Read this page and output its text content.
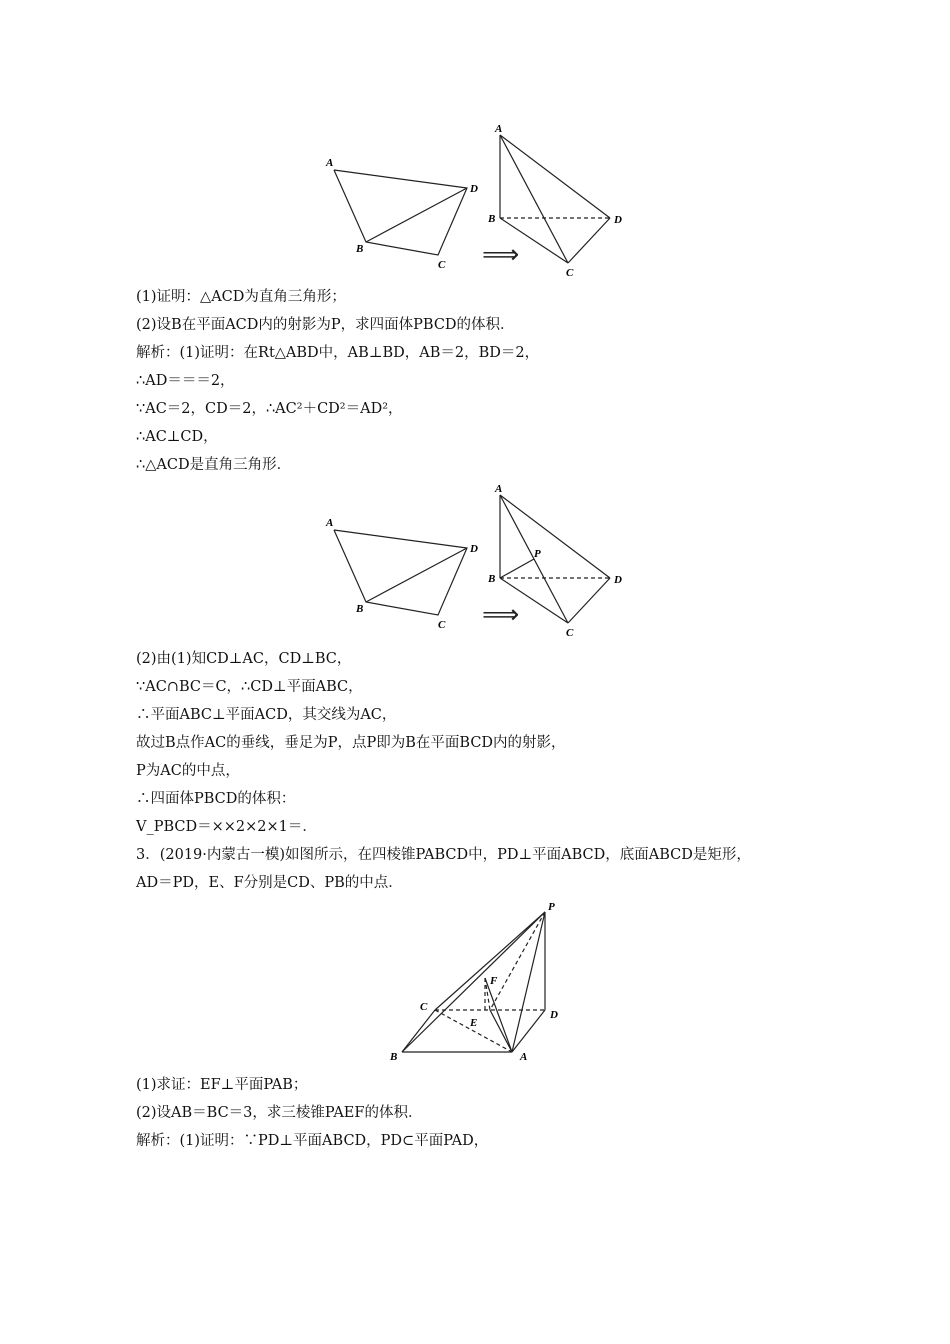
A
D
B
C
A
B	D
C
⟹
(1)证明：△ACD为直角三角形；
(2)设B在平面ACD内的射影为P，求四面体PBCD的体积．
解析：(1)证明：在Rt△ABD中，AB⊥BD，AB＝2，BD＝2，
∴AD＝＝＝2，
∵AC＝2，CD＝2，∴AC²＋CD²＝AD²，
∴AC⊥CD，
∴△ACD是直角三角形．
A
D
B
C
A
B	D
C
P
⟹
(2)由(1)知CD⊥AC，CD⊥BC，
∵AC∩BC＝C，∴CD⊥平面ABC，
∴平面ABC⊥平面ACD，其交线为AC，
故过B点作AC的垂线，垂足为P，点P即为B在平面BCD内的射影，
P为AC的中点，
∴四面体PBCD的体积：
V_PBCD＝××2×2×1＝．
3．(2019·内蒙古一模)如图所示，在四棱锥PABCD中，PD⊥平面ABCD，底面ABCD是矩形，
AD＝PD，E、F分别是CD、PB的中点．
P
C
F
E
D
B	A
(1)求证：EF⊥平面PAB；
(2)设AB＝BC＝3，求三棱锥PAEF的体积．
解析：(1)证明：∵PD⊥平面ABCD，PD⊂平面PAD，
